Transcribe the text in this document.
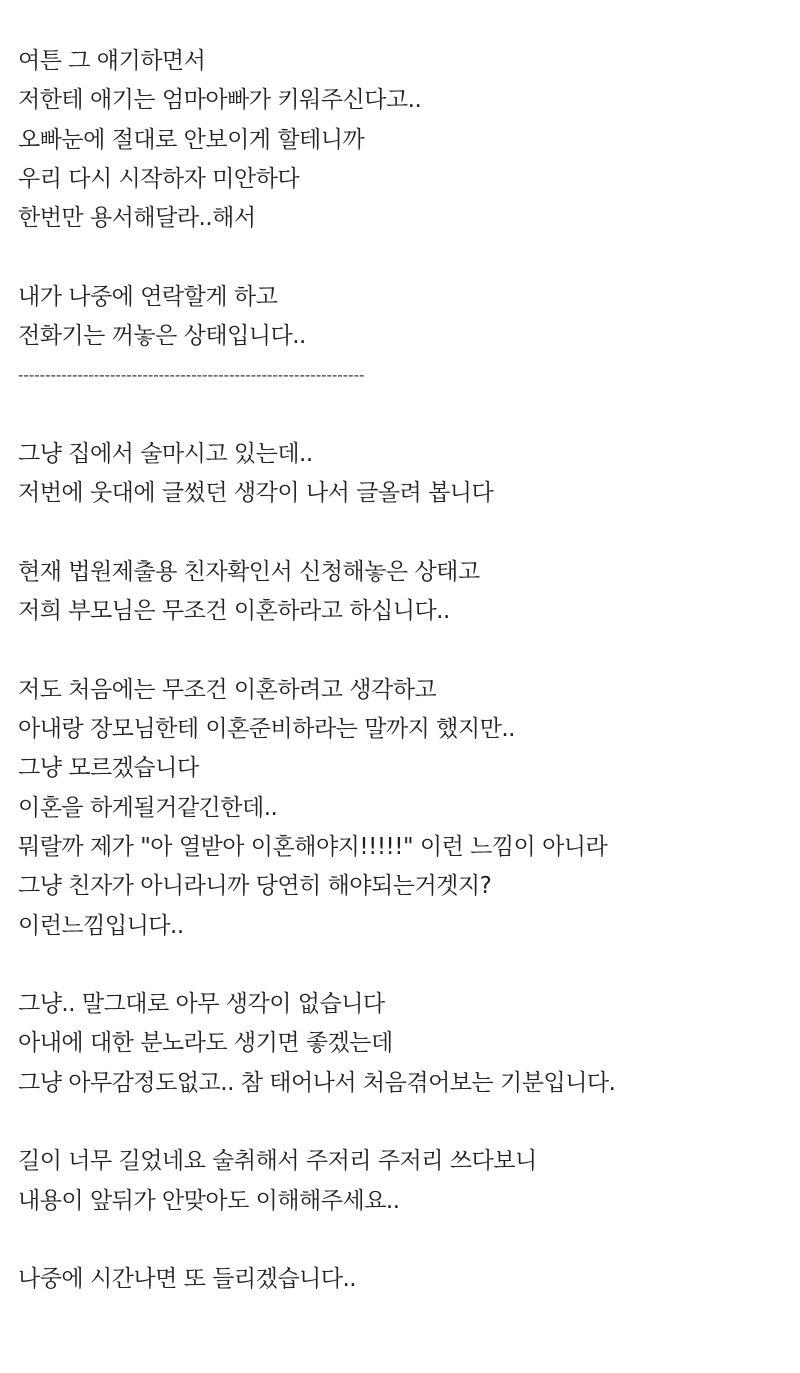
여튼 그 얘기하면서
저한테 애기는 엄마아빠가 키워주신다고..
오빠눈에 절대로 안보이게 할테니까
우리 다시 시작하자 미안하다
한번만 용서해달라..해서
내가 나중에 연락할게 하고
전화기는 꺼놓은 상태입니다..
----------------------------------------------------------------
그냥 집에서 술마시고 있는데..
저번에 웃대에 글썼던 생각이 나서 글올려 봅니다
현재 법원제출용 친자확인서 신청해놓은 상태고
저희 부모님은 무조건 이혼하라고 하십니다..
저도 처음에는 무조건 이혼하려고 생각하고
아내랑 장모님한테 이혼준비하라는 말까지 했지만..
그냥 모르겠습니다
이혼을 하게될거같긴한데..
뭐랄까 제가 "아 열받아 이혼해야지!!!!!" 이런 느낌이 아니라
그냥 친자가 아니라니까 당연히 해야되는거겟지?
이런느낌입니다..
그냥.. 말그대로 아무 생각이 없습니다
아내에 대한 분노라도 생기면 좋겠는데
그냥 아무감정도없고.. 참 태어나서 처음겪어보는 기분입니다.
길이 너무 길었네요 술취해서 주저리 주저리 쓰다보니
내용이 앞뒤가 안맞아도 이해해주세요..
나중에 시간나면 또 들리겠습니다..
